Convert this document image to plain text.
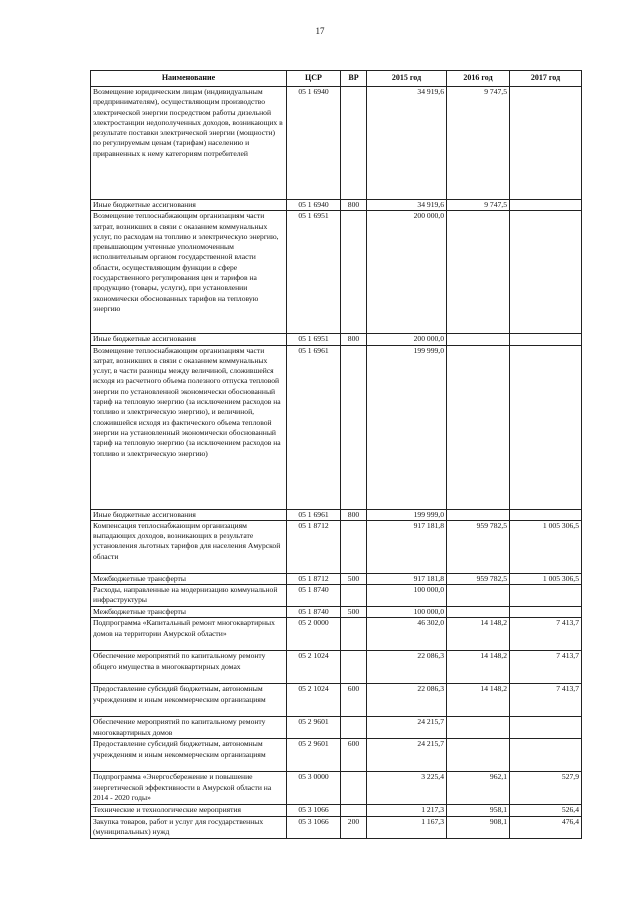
17
Наименование	ЦСР	ВР	2015 год	2016 год	2017 год
Возмещение юридическим лицам (индивидуальным предпринимателям), осуществляющим производство электрической энергии посредством работы дизельной электростанции недополученных доходов, возникающих в результате поставки электрической энергии (мощности) по регулируемым ценам (тарифам) населению и приравненных к нему категориям потребителей	05 1 6940		34 919,6	9 747,5	
Иные бюджетные ассигнования	05 1 6940	800	34 919,6	9 747,5	
Возмещение теплоснабжающим организациям части затрат, возникших в связи с оказанием коммунальных услуг, по расходам на топливо и электрическую энергию, превышающим учтенные уполномоченным исполнительным органом государственной власти области, осуществляющим функции в сфере государственного регулирования цен и тарифов на продукцию (товары, услуги), при установлении экономически обоснованных тарифов на тепловую энергию	05 1 6951		200 000,0		
Иные бюджетные ассигнования	05 1 6951	800	200 000,0		
Возмещение теплоснабжающим организациям части затрат, возникших в связи с оказанием коммунальных услуг, в части разницы между величиной, сложившейся исходя из расчетного объема полезного отпуска тепловой энергии по установленной экономически обоснованный тариф на тепловую энергию (за исключением расходов на топливо и электрическую энергию), и величиной, сложившейся исходя из фактического объема тепловой энергии на установленный экономически обоснованный тариф на тепловую энергию (за исключением расходов на топливо и электрическую энергию)	05 1 6961		199 999,0		
Иные бюджетные ассигнования	05 1 6961	800	199 999,0		
Компенсация теплоснабжающим организациям выпадающих доходов, возникающих в результате установления льготных тарифов для населения Амурской области	05 1 8712		917 181,8	959 782,5	1 005 306,5
Межбюджетные трансферты	05 1 8712	500	917 181,8	959 782,5	1 005 306,5
Расходы, направленные на модернизацию коммунальной инфраструктуры	05 1 8740		100 000,0		
Межбюджетные трансферты	05 1 8740	500	100 000,0		
Подпрограмма «Капитальный ремонт многоквартирных домов на территории Амурской области»	05 2 0000		46 302,0	14 148,2	7 413,7
Обеспечение мероприятий по капитальному ремонту общего имущества в многоквартирных домах	05 2 1024		22 086,3	14 148,2	7 413,7
Предоставление субсидий бюджетным, автономным учреждениям и иным некоммерческим организациям	05 2 1024	600	22 086,3	14 148,2	7 413,7
Обеспечение мероприятий по капитальному ремонту многоквартирных домов	05 2 9601		24 215,7		
Предоставление субсидий бюджетным, автономным учреждениям и иным некоммерческим организациям	05 2 9601	600	24 215,7		
Подпрограмма «Энергосбережение и повышение энергетической эффективности в Амурской области на 2014 - 2020 годы»	05 3 0000		3 225,4	962,1	527,9
Технические и технологические мероприятия	05 3 1066		1 217,3	958,1	526,4
Закупка товаров, работ и услуг для государственных (муниципальных) нужд	05 3 1066	200	1 167,3	908,1	476,4
